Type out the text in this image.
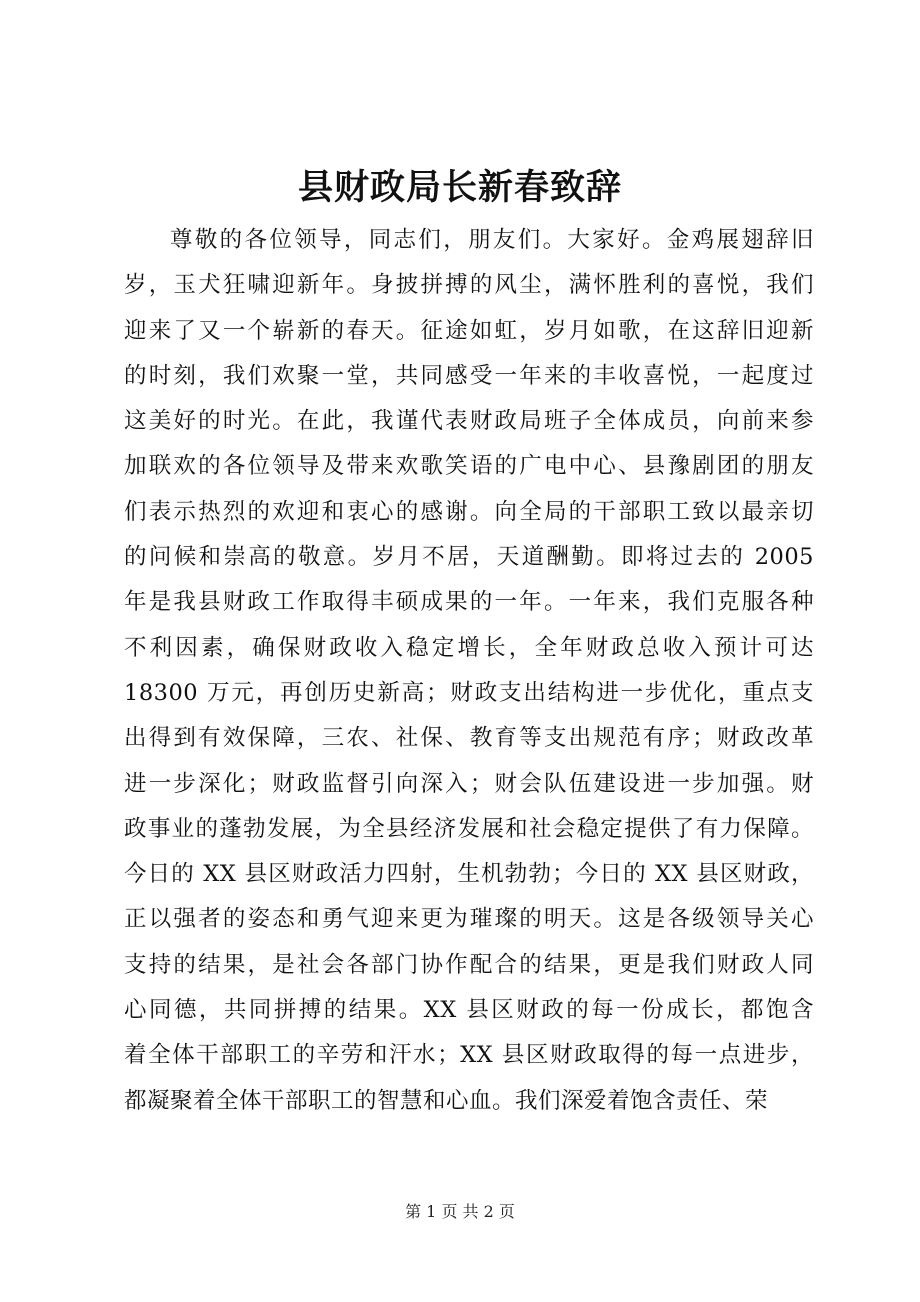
县财政局长新春致辞
尊敬的各位领导，同志们，朋友们。大家好。金鸡展翅辞旧
岁，玉犬狂啸迎新年。身披拼搏的风尘，满怀胜利的喜悦，我们
迎来了又一个崭新的春天。征途如虹，岁月如歌，在这辞旧迎新
的时刻，我们欢聚一堂，共同感受一年来的丰收喜悦，一起度过
这美好的时光。在此，我谨代表财政局班子全体成员，向前来参
加联欢的各位领导及带来欢歌笑语的广电中心、县豫剧团的朋友
们表示热烈的欢迎和衷心的感谢。向全局的干部职工致以最亲切
的问候和崇高的敬意。岁月不居，天道酬勤。即将过去的 2005
年是我县财政工作取得丰硕成果的一年。一年来，我们克服各种
不利因素，确保财政收入稳定增长，全年财政总收入预计可达
18300 万元，再创历史新高；财政支出结构进一步优化，重点支
出得到有效保障，三农、社保、教育等支出规范有序；财政改革
进一步深化；财政监督引向深入；财会队伍建设进一步加强。财
政事业的蓬勃发展，为全县经济发展和社会稳定提供了有力保障。
今日的 XX 县区财政活力四射，生机勃勃；今日的 XX 县区财政，
正以强者的姿态和勇气迎来更为璀璨的明天。这是各级领导关心
支持的结果，是社会各部门协作配合的结果，更是我们财政人同
心同德，共同拼搏的结果。XX 县区财政的每一份成长，都饱含
着全体干部职工的辛劳和汗水；XX 县区财政取得的每一点进步，
都凝聚着全体干部职工的智慧和心血。我们深爱着饱含责任、荣
第 1 页 共 2 页
